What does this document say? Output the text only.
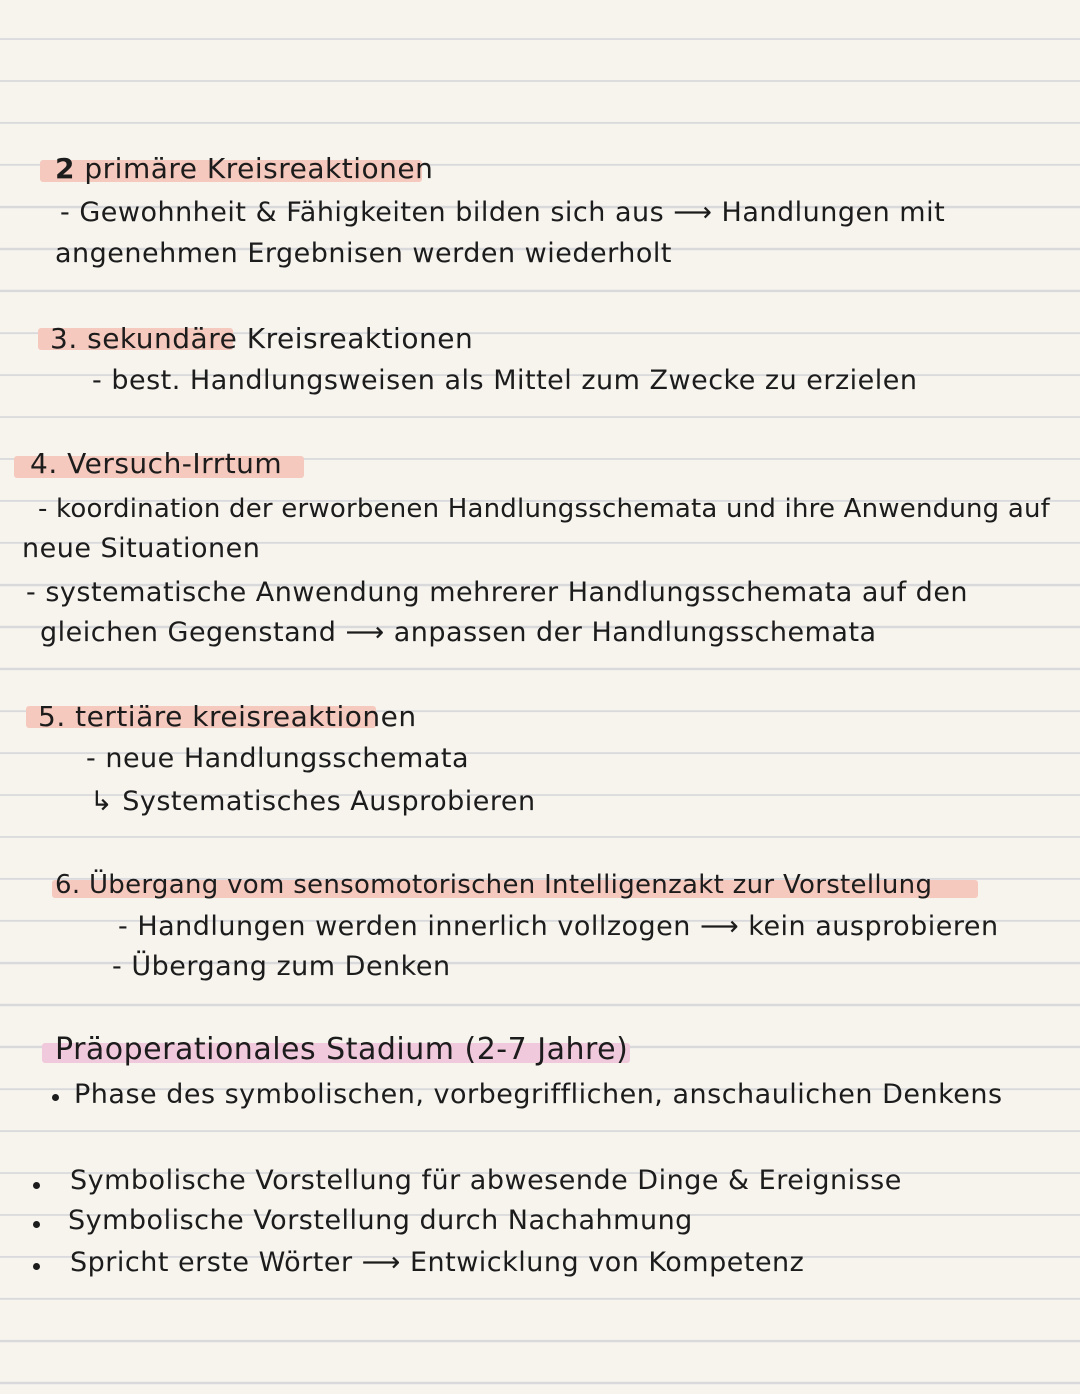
2 primäre Kreisreaktionen
- Gewohnheit & Fähigkeiten bilden sich aus ⟶ Handlungen mit
angenehmen Ergebnisen werden wiederholt
3. sekundäre Kreisreaktionen
- best. Handlungsweisen als Mittel zum Zwecke zu erzielen
4. Versuch-Irrtum
- koordination der erworbenen Handlungsschemata und ihre Anwendung auf
neue Situationen
- systematische Anwendung mehrerer Handlungsschemata auf den
gleichen Gegenstand ⟶ anpassen der Handlungsschemata
5. tertiäre kreisreaktionen
- neue Handlungsschemata
↳ Systematisches Ausprobieren
6. Übergang vom sensomotorischen Intelligenzakt zur Vorstellung
- Handlungen werden innerlich vollzogen ⟶ kein ausprobieren
- Übergang zum Denken
Präoperationales Stadium (2-7 Jahre)
Phase des symbolischen, vorbegrifflichen, anschaulichen Denkens
Symbolische Vorstellung für abwesende Dinge & Ereignisse
Symbolische Vorstellung durch Nachahmung
Spricht erste Wörter ⟶ Entwicklung von Kompetenz
